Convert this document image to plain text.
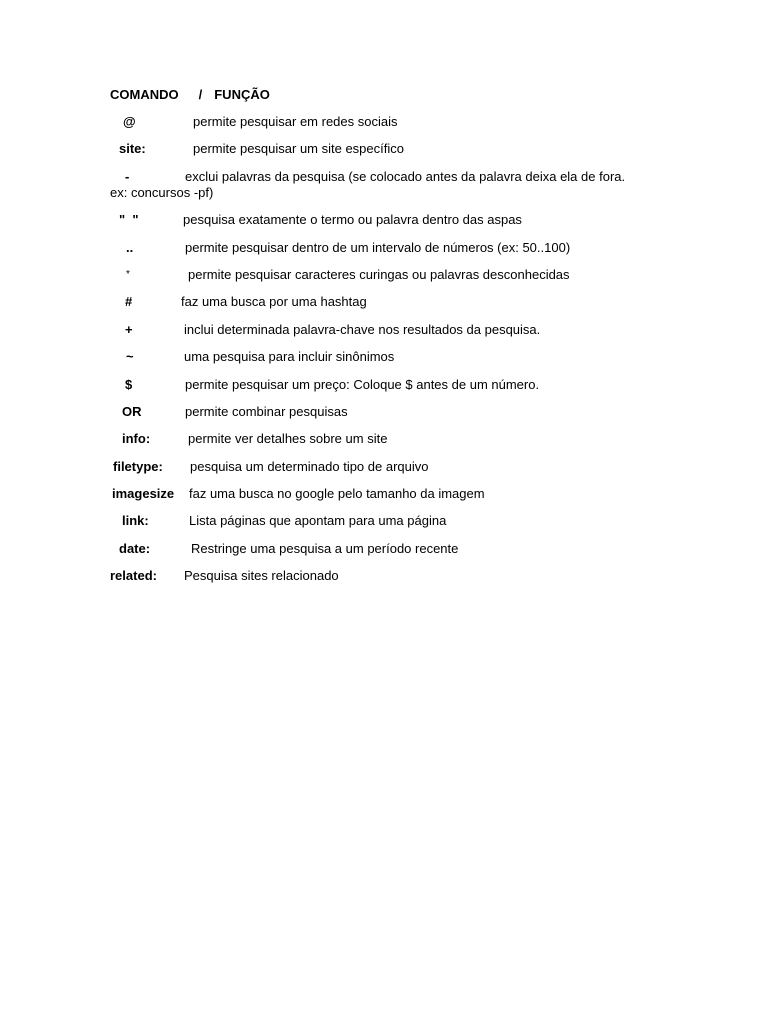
COMANDO / FUNÇÃO
@	permite pesquisar em redes sociais
site:	permite pesquisar um site específico
-	exclui palavras da pesquisa (se colocado antes da palavra deixa ela de fora. ex: concursos -pf)
"  "	pesquisa exatamente o termo ou palavra dentro das aspas
..	permite pesquisar dentro de um intervalo de números (ex: 50..100)
*	permite pesquisar caracteres curingas ou palavras desconhecidas
#	faz uma busca por uma hashtag
+	inclui determinada palavra-chave nos resultados da pesquisa.
~	uma pesquisa para incluir sinônimos
$	permite pesquisar um preço: Coloque $ antes de um número.
OR	permite combinar pesquisas
info:	permite ver detalhes sobre um site
filetype:	pesquisa um determinado tipo de arquivo
imagesize	faz uma busca no google pelo tamanho da imagem
link:	Lista páginas que apontam para uma página
date:	Restringe uma pesquisa a um período recente
related:	Pesquisa sites relacionado
